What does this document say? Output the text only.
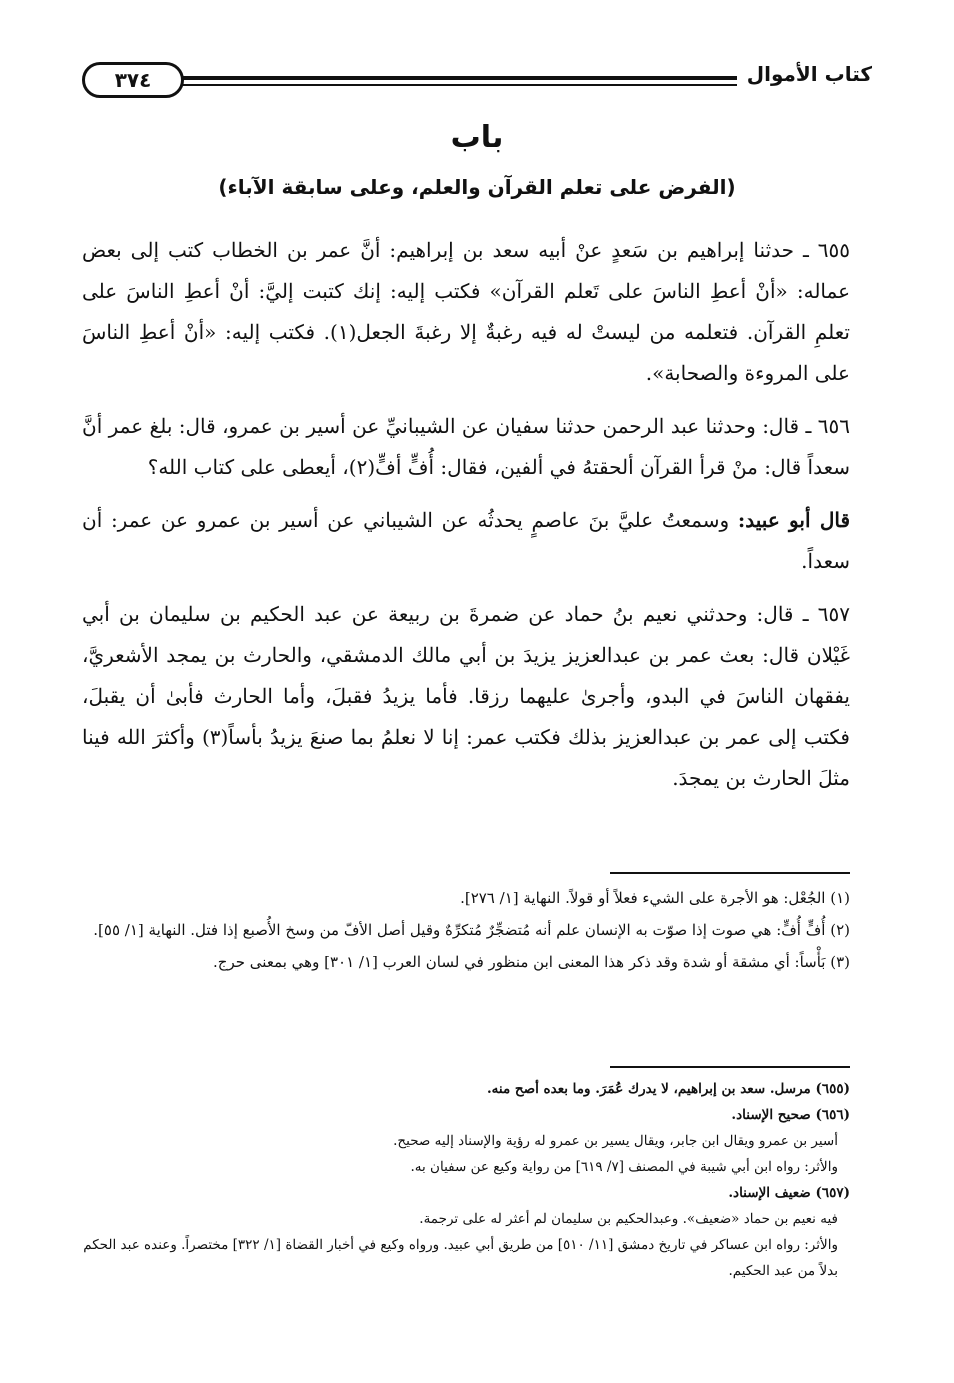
كتاب الأموال
٣٧٤
باب
(الفرض على تعلم القرآن والعلم، وعلى سابقة الآباء)

٦٥٥ ـ حدثنا إبراهيم بن سَعدٍ عنْ أبيه سعد بن إبراهيم: أنَّ عمر بن الخطاب كتب إلى بعض عماله: «أنْ أعطِ الناسَ على تَعلم القرآن» فكتب إليه: إنك كتبت إليَّ: أنْ أعطِ الناسَ على تعلمِ القرآن. فتعلمه من ليستْ له فيه رغبةٌ إلا رغبةَ الجعل(١). فكتب إليه: «أنْ أعطِ الناسَ على المروءة والصحابة».

٦٥٦ ـ قال: وحدثنا عبد الرحمن حدثنا سفيان عن الشيبانيِّ عن أسير بن عمرو، قال: بلغ عمر أنَّ سعداً قال: منْ قرأ القرآن ألحقتهُ في ألفين، فقال: أُفٍّ أفٍّ(٢)، أيعطى على كتاب الله؟

قال أبو عبيد: وسمعتُ عليَّ بنَ عاصمٍ يحدثُه عن الشيباني عن أسير بن عمرو عن عمر: أن سعداً.

٦٥٧ ـ قال: وحدثني نعيم بنُ حماد عن ضمرةَ بن ربيعة عن عبد الحكيم بن سليمان بن أبي غَيْلان قال: بعث عمر بن عبدالعزيز يزيدَ بن أبي مالك الدمشقي، والحارث بن يمجد الأشعريَّ، يفقهان الناسَ في البدو، وأجرىٰ عليهما رزقا. فأما يزيدُ فقبلَ، وأما الحارث فأبىٰ أن يقبلَ، فكتب إلى عمر بن عبدالعزيز بذلك فكتب عمر: إنا لا نعلمُ بما صنعَ يزيدُ بأساً(٣) وأكثرَ الله فينا مثلَ الحارث بن يمجدَ.

(١) الجُعْل: هو الأجرة على الشيء فعلاً أو قولاً. النهاية [١/ ٢٧٦].

(٢) أُفٍّ أُفٍّ: هي صوت إذا صوّت به الإنسان علم أنه مُتضجِّرٌ مُتكرِّهٌ وقيل أصل الأفّ من وسخ الأُصبع إذا فتل. النهاية [١/ ٥٥].

(٣) بَأْساً: أي مشقة أو شدة وقد ذكر هذا المعنى ابن منظور في لسان العرب [١/ ٣٠١] وهي بمعنى حرج.

(٦٥٥) مرسل. سعد بن إبراهيم، لا يدرك عُمَرَ. وما بعده أصح منه.

(٦٥٦) صحيح الإسناد.

أسير بن عمرو ويقال ابن جابر، ويقال يسير بن عمرو له رؤية والإسناد إليه صحيح.

والأثر: رواه ابن أبي شيبة في المصنف [٧/ ٦١٩] من رواية وكيع عن سفيان به.

(٦٥٧) ضعيف الإسناد.

فيه نعيم بن حماد «ضعيف». وعبدالحكيم بن سليمان لم أعثر له على ترجمة.

والأثر: رواه ابن عساكر في تاريخ دمشق [١١/ ٥١٠] من طريق أبي عبيد. ورواه وكيع في أخبار القضاة [١/ ٣٢٢] مختصراً. وعنده عبد الحكم بدلاً من عبد الحكيم.
